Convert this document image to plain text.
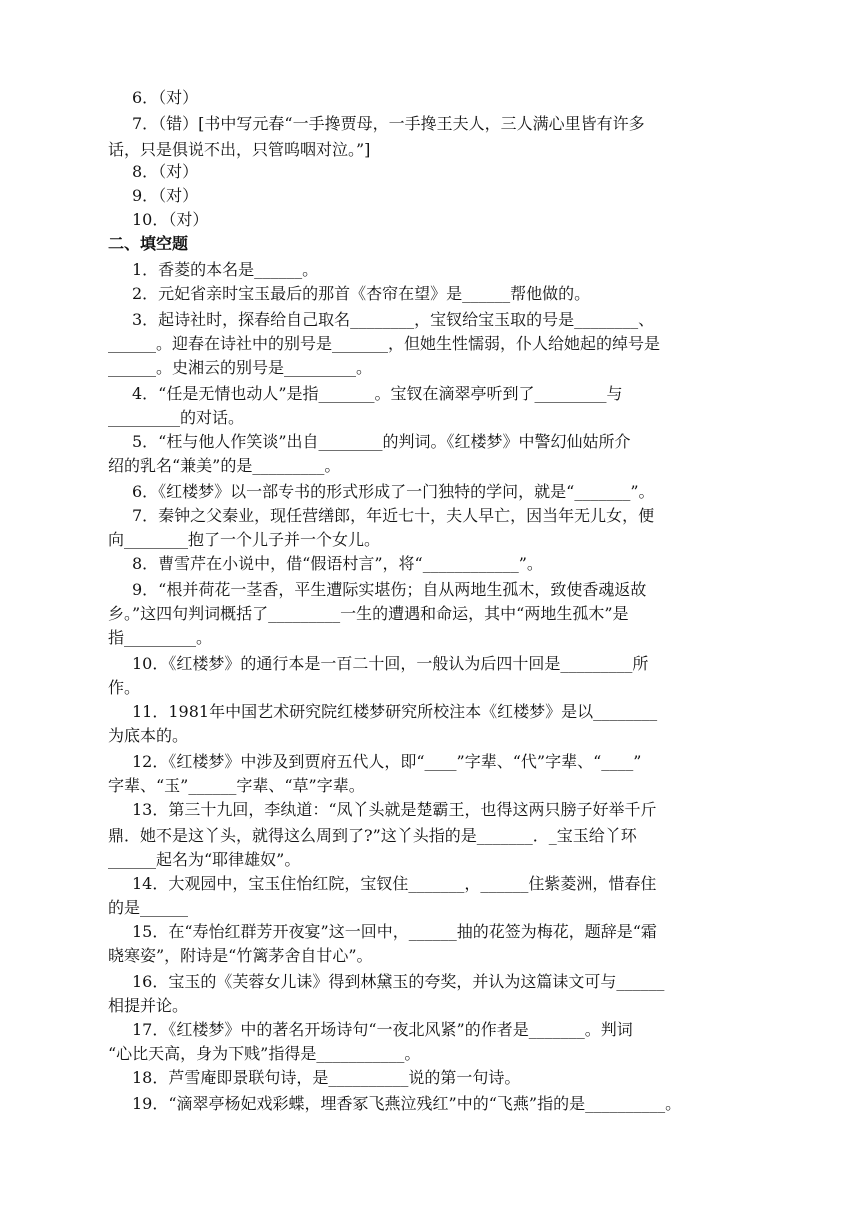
6．（对）
7．（错）[书中写元春“一手搀贾母，一手搀王夫人，三人满心里皆有许多
话，只是俱说不出，只管呜咽对泣。”]
8．（对）
9．（对）
10．（对）
二、填空题
1．香菱的本名是______。
2．元妃省亲时宝玉最后的那首《杏帘在望》是______帮他做的。
3．起诗社时，探春给自己取名________，宝钗给宝玉取的号是________、
______。迎春在诗社中的别号是_______，但她生性懦弱，仆人给她起的绰号是
______。史湘云的别号是_________。
4．“任是无情也动人”是指_______。宝钗在滴翠亭听到了_________与
_________的对话。
5．“枉与他人作笑谈”出自________的判词。《红楼梦》中警幻仙姑所介
绍的乳名“兼美”的是_________。
6．《红楼梦》以一部专书的形式形成了一门独特的学问，就是“_______”。
7．秦钟之父秦业，现任营缮郎，年近七十，夫人早亡，因当年无儿女，便
向________抱了一个儿子并一个女儿。
8．曹雪芹在小说中，借“假语村言”，将“____________”。
9．“根并荷花一茎香，平生遭际实堪伤；自从两地生孤木，致使香魂返故
乡。”这四句判词概括了_________一生的遭遇和命运，其中“两地生孤木”是
指_________。
10．《红楼梦》的通行本是一百二十回，一般认为后四十回是_________所
作。
11．1981年中国艺术研究院红楼梦研究所校注本《红楼梦》是以________
为底本的。
12．《红楼梦》中涉及到贾府五代人，即“____”字辈、“代”字辈、“____”
字辈、“玉”______字辈、“草”字辈。
13．第三十九回，李纨道：“凤丫头就是楚霸王，也得这两只膀子好举千斤
鼎．她不是这丫头，就得这么周到了?”这丫头指的是_______．_宝玉给丫环
______起名为“耶律雄奴”。
14．大观园中，宝玉住怡红院，宝钗住_______，______住紫菱洲，惜春住
的是______
15．在“寿怡红群芳开夜宴”这一回中，______抽的花签为梅花，题辞是“霜
晓寒姿”，附诗是“竹篱茅舍自甘心”。
16．宝玉的《芙蓉女儿诔》得到林黛玉的夸奖，并认为这篇诔文可与______
相提并论。
17．《红楼梦》中的著名开场诗句“一夜北风紧”的作者是_______。判词
“心比天高，身为下贱”指得是___________。
18．芦雪庵即景联句诗，是__________说的第一句诗。
19．“滴翠亭杨妃戏彩蝶，埋香冢飞燕泣残红”中的“飞燕”指的是__________。
